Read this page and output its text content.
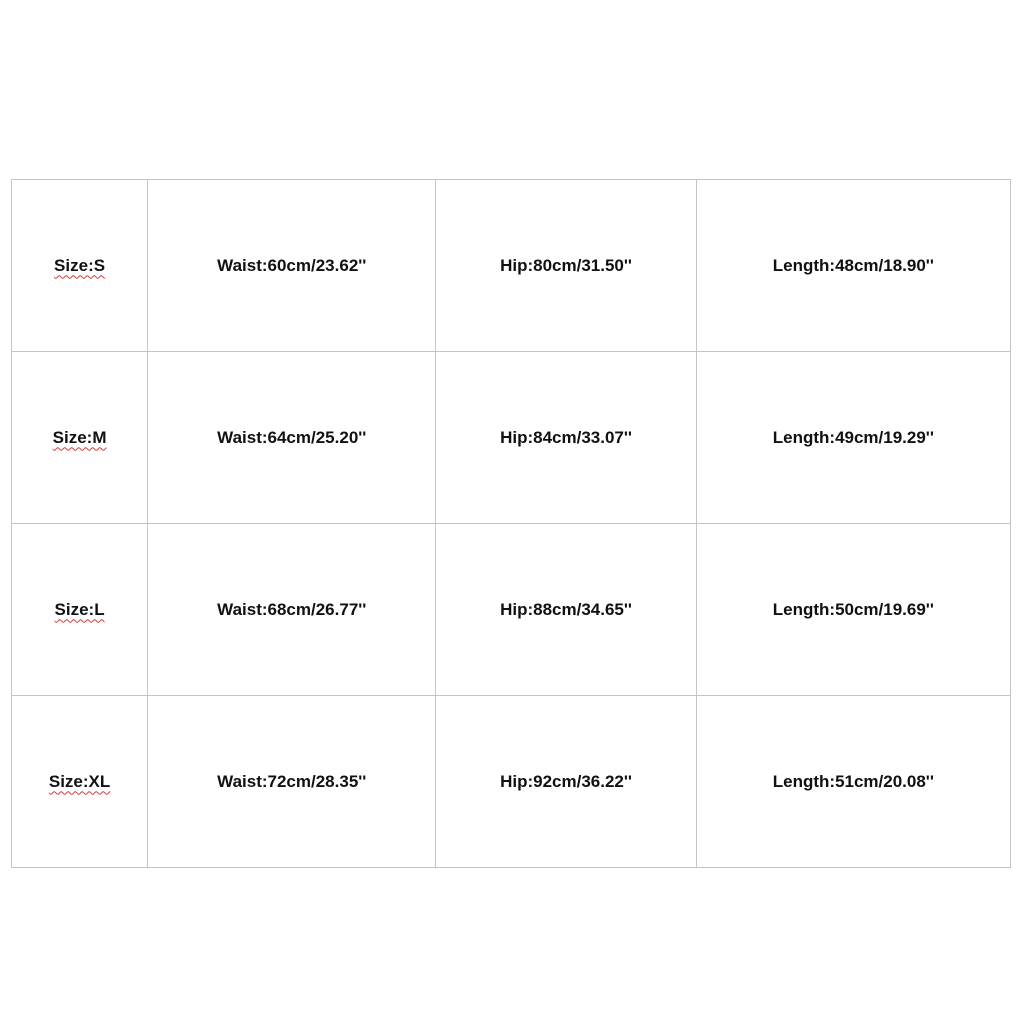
Size:S	Waist:60cm/23.62''	Hip:80cm/31.50''	Length:48cm/18.90''
Size:M	Waist:64cm/25.20''	Hip:84cm/33.07''	Length:49cm/19.29''
Size:L	Waist:68cm/26.77''	Hip:88cm/34.65''	Length:50cm/19.69''
Size:XL	Waist:72cm/28.35''	Hip:92cm/36.22''	Length:51cm/20.08''
